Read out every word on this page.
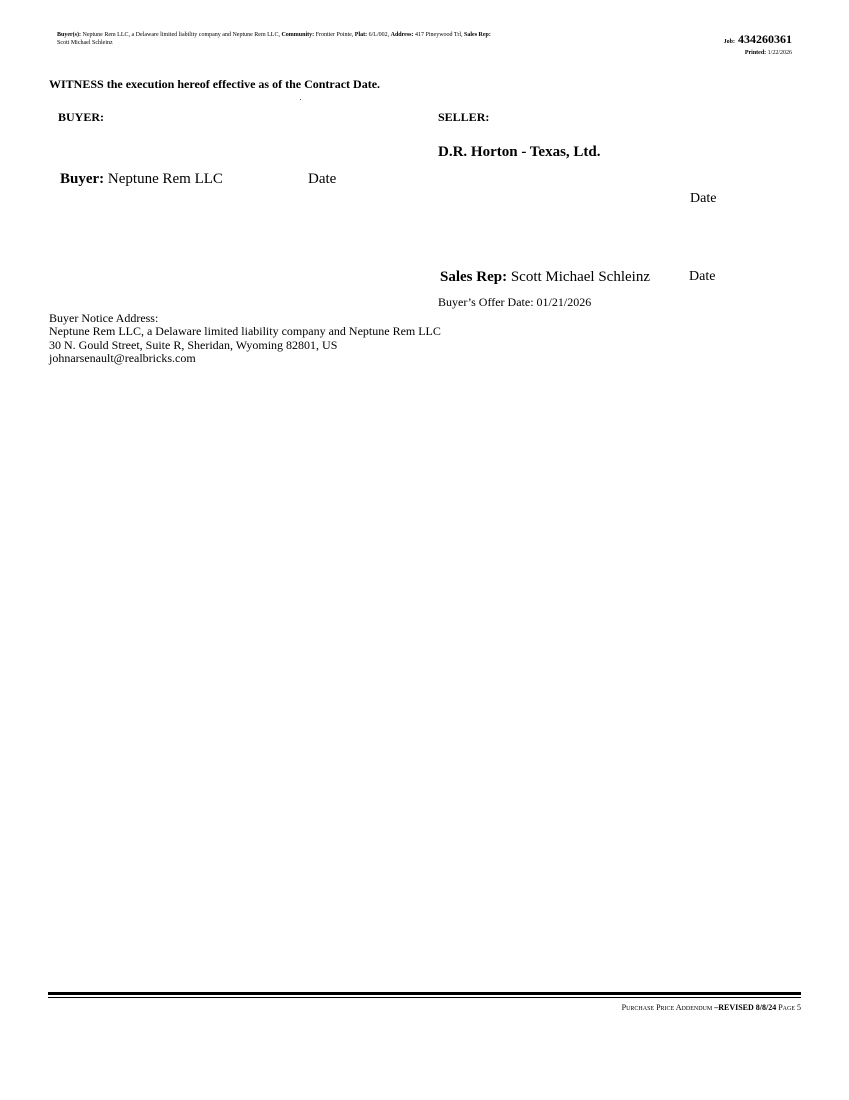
Buyer(s): Neptune Rem LLC, a Delaware limited liability company and Neptune Rem LLC, Community: Frontier Pointe, Plat: 6/L/002, Address: 417 Pineywood Trl, Sales Rep:
Scott Michael Schleinz	Job: 434260361
Printed: 1/22/2026
WITNESS the execution hereof effective as of the Contract Date.
BUYER:	SELLER:
D.R. Horton - Texas, Ltd.
Buyer: Neptune Rem LLC	Date
Date
Sales Rep: Scott Michael Schleinz	Date
Buyer’s Offer Date: 01/21/2026
Buyer Notice Address:
Neptune Rem LLC, a Delaware limited liability company and Neptune Rem LLC
30 N. Gould Street, Suite R, Sheridan, Wyoming 82801, US
johnarsenault@realbricks.com
Purchase Price Addendum –REVISED 8/8/24 Page 5
